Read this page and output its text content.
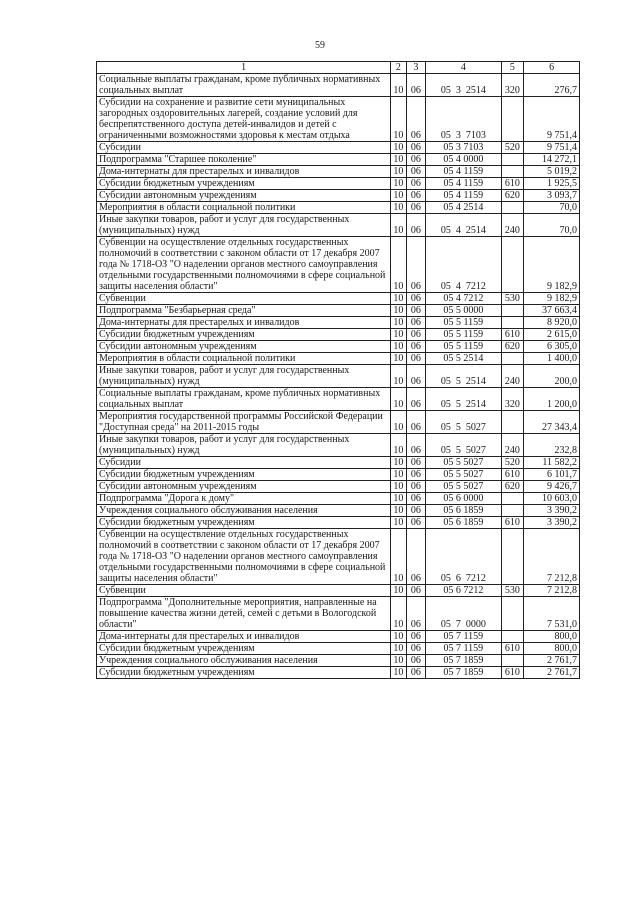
59
1	2	3	4	5	6
Социальные выплаты гражданам, кроме публичных нормативных социальных выплат	10	06	05  3  2514	320	276,7
Субсидии на сохранение и развитие сети муниципальных загородных оздоровительных лагерей, создание условий для беспрепятственного доступа детей-инвалидов и детей с ограниченными возможностями здоровья к местам отдыха	10	06	05  3  7103		9 751,4
Субсидии	10	06	05 3 7103	520	9 751,4
Подпрограмма "Старшее поколение"	10	06	05 4 0000		14 272,1
Дома-интернаты для престарелых и инвалидов	10	06	05 4 1159		5 019,2
Субсидии бюджетным учреждениям	10	06	05 4 1159	610	1 925,5
Субсидии автономным учреждениям	10	06	05 4 1159	620	3 093,7
Мероприятия в области социальной политики	10	06	05 4 2514		70,0
Иные закупки товаров, работ и услуг для государственных (муниципальных) нужд	10	06	05  4  2514	240	70,0
Субвенции на осуществление отдельных государственных полномочий в соответствии с законом области от 17 декабря 2007 года № 1718-ОЗ "О наделении органов местного самоуправления отдельными государственными полномочиями в сфере социальной защиты населения области"	10	06	05  4  7212		9 182,9
Субвенции	10	06	05 4 7212	530	9 182,9
Подпрограмма "Безбарьерная среда"	10	06	05 5 0000		37 663,4
Дома-интернаты для престарелых и инвалидов	10	06	05 5 1159		8 920,0
Субсидии бюджетным учреждениям	10	06	05 5 1159	610	2 615,0
Субсидии автономным учреждениям	10	06	05 5 1159	620	6 305,0
Мероприятия в области социальной политики	10	06	05 5 2514		1 400,0
Иные закупки товаров, работ и услуг для государственных (муниципальных) нужд	10	06	05  5  2514	240	200,0
Социальные выплаты гражданам, кроме публичных нормативных социальных выплат	10	06	05  5  2514	320	1 200,0
Мероприятия государственной программы Российской Федерации "Доступная среда" на 2011-2015 годы	10	06	05  5  5027		27 343,4
Иные закупки товаров, работ и услуг для государственных (муниципальных) нужд	10	06	05  5  5027	240	232,8
Субсидии	10	06	05 5 5027	520	11 582,2
Субсидии бюджетным учреждениям	10	06	05 5 5027	610	6 101,7
Субсидии автономным учреждениям	10	06	05 5 5027	620	9 426,7
Подпрограмма "Дорога к дому"	10	06	05 6 0000		10 603,0
Учреждения социального обслуживания населения	10	06	05 6 1859		3 390,2
Субсидии бюджетным учреждениям	10	06	05 6 1859	610	3 390,2
Субвенции на осуществление отдельных государственных полномочий в соответствии с законом области от 17 декабря 2007 года № 1718-ОЗ "О наделении органов местного самоуправления отдельными государственными полномочиями в сфере социальной защиты населения области"	10	06	05  6  7212		7 212,8
Субвенции	10	06	05 6 7212	530	7 212,8
Подпрограмма "Дополнительные мероприятия, направленные на повышение качества жизни детей, семей с детьми в Вологодской области"	10	06	05  7  0000		7 531,0
Дома-интернаты для престарелых и инвалидов	10	06	05 7 1159		800,0
Субсидии бюджетным учреждениям	10	06	05 7 1159	610	800,0
Учреждения социального обслуживания населения	10	06	05 7 1859		2 761,7
Субсидии бюджетным учреждениям	10	06	05 7 1859	610	2 761,7
